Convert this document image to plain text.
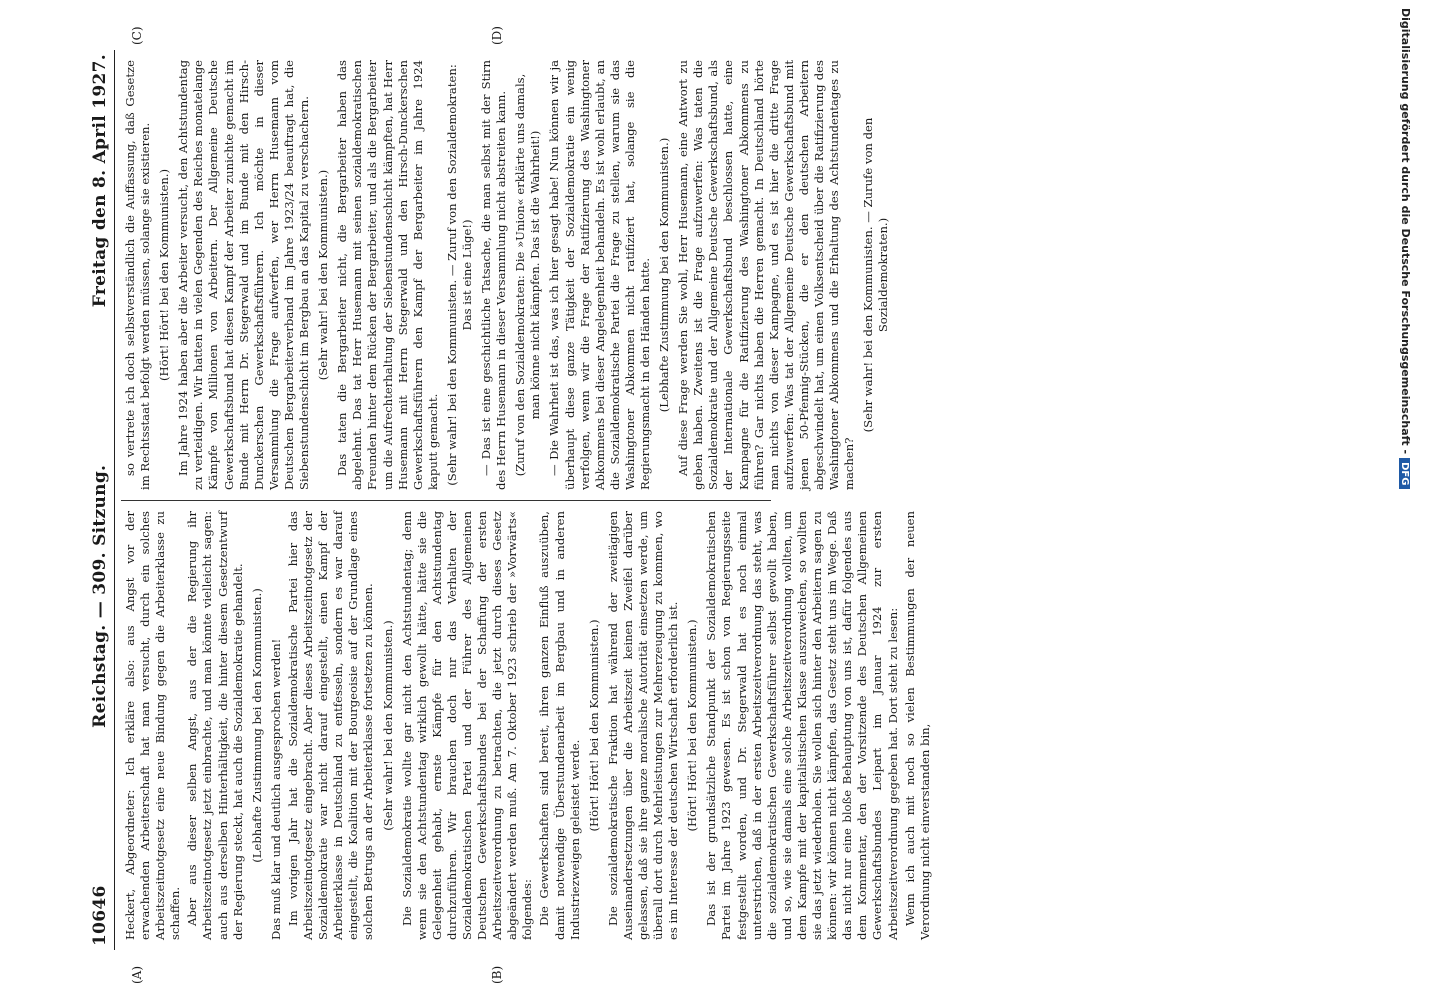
10646
Reichstag. — 309. Sitzung.
Freitag den 8. April 1927.

Heckert, Abgeordneter: Ich erkläre also: aus Angst vor der erwachenden Arbeiterschaft hat man versucht, durch ein solches Arbeitszeitnotgesetz eine neue Bindung gegen die Arbeiterklasse zu schaffen. Aber aus dieser selben Angst, aus der die Regierung ihr Arbeitszeitnotgesetz jetzt einbrachte, und man könnte vielleicht sagen: auch aus derselben Hinterhältigkeit, die hinter diesem Gesetzentwurf der Regierung steckt, hat auch die Sozialdemokratie gehandelt. (Lebhafte Zustimmung bei den Kommunisten.) Das muß klar und deutlich ausgesprochen werden! Im vorigen Jahr hat die Sozialdemokratische Partei hier das Arbeitszeitnotgesetz eingebracht. Aber dieses Arbeitszeitnotgesetz der Sozialdemokratie war nicht darauf eingestellt, einen Kampf der Arbeiterklasse in Deutschland zu entfesseln, sondern es war darauf eingestellt, die Koalition mit der Bourgeoisie auf der Grundlage eines solchen Betrugs an der Arbeiterklasse fortsetzen zu können. (Sehr wahr! bei den Kommunisten.) Die Sozialdemokratie wollte gar nicht den Achtstundentag; denn wenn sie den Achtstundentag wirklich gewollt hätte, hätte sie die Gelegenheit gehabt, ernste Kämpfe für den Achtstundentag durchzuführen. Wir brauchen doch nur das Verhalten der Sozialdemokratischen Partei und der Führer des Allgemeinen Deutschen Gewerkschaftsbundes bei der Schaffung der ersten Arbeitszeitverordnung zu betrachten, die jetzt durch dieses Gesetz abgeändert werden muß. Am 7. Oktober 1923 schrieb der »Vorwärts« folgendes: Die Gewerkschaften sind bereit, ihren ganzen Einfluß auszuüben, damit notwendige Überstundenarbeit im Bergbau und in anderen Industriezweigen geleistet werde.

(Hört! Hört! bei den Kommunisten.) Die sozialdemokratische Fraktion hat während der zweitägigen Auseinandersetzungen über die Arbeitszeit keinen Zweifel darüber gelassen, daß sie ihre ganze moralische Autorität einsetzen werde, um überall dort durch Mehrleistungen zur Mehrerzeugung zu kommen, wo es im Interesse der deutschen Wirtschaft erforderlich ist. (Hört! Hört! bei den Kommunisten.) Das ist der grundsätzliche Standpunkt der Sozialdemokratischen Partei im Jahre 1923 gewesen. Es ist schon von Regierungsseite festgestellt worden, und Dr. Stegerwald hat es noch einmal unterstrichen, daß in der ersten Arbeitszeitverordnung das steht, was die sozialdemokratischen Gewerkschaftsführer selbst gewollt haben, und so, wie sie damals eine solche Arbeitszeitverordnung wollten, um dem Kampfe mit der kapitalistischen Klasse auszuweichen, so wollten sie das jetzt wiederholen. Sie wollen sich hinter den Arbeitern sagen zu können: wir können nicht kämpfen, das Gesetz steht uns im Wege. Daß das nicht nur eine bloße Behauptung von uns ist, dafür folgendes aus dem Kommentar, den der Vorsitzende des Deutschen Allgemeinen Gewerkschaftsbundes Leipart im Januar 1924 zur ersten Arbeitszeitverordnung gegeben hat. Dort steht zu lesen: Wenn ich auch mit noch so vielen Bestimmungen der neuen Verordnung nicht einverstanden bin,

so vertrete ich doch selbstverständlich die Auffassung, daß Gesetze im Rechtsstaat befolgt werden müssen, solange sie existieren. (Hört! Hört! bei den Kommunisten.) Im Jahre 1924 haben aber die Arbeiter versucht, den Achtstundentag zu verteidigen. Wir hatten in vielen Gegenden des Reiches monatelange Kämpfe von Millionen von Arbeitern. Der Allgemeine Deutsche Gewerkschaftsbund hat diesen Kampf der Arbeiter zunichte gemacht im Bunde mit Herrn Dr. Stegerwald und im Bunde mit den Hirsch-Dunckerschen Gewerkschaftsführern. Ich möchte in dieser Versammlung die Frage aufwerfen, wer Herrn Husemann vom Deutschen Bergarbeiterverband im Jahre 1923/24 beauftragt hat, die Siebenstundenschicht im Bergbau an das Kapital zu verschachern. (Sehr wahr! bei den Kommunisten.) Das taten die Bergarbeiter nicht, die Bergarbeiter haben das abgelehnt. Das tat Herr Husemann mit seinen sozialdemokratischen Freunden hinter dem Rücken der Bergarbeiter, und als die Bergarbeiter um die Aufrechterhaltung der Siebenstundenschicht kämpften, hat Herr Husemann mit Herrn Stegerwald und den Hirsch-Dunckerschen Gewerkschaftsführern den Kampf der Bergarbeiter im Jahre 1924 kaputt gemacht. (Sehr wahr! bei den Kommunisten. — Zuruf von den Sozialdemokraten: Das ist eine Lüge!) — Das ist eine geschichtliche Tatsache, die man selbst mit der Stirn des Herrn Husemann in dieser Versammlung nicht abstreiten kann. (Zuruf von den Sozialdemokraten: Die »Union« erklärte uns damals, man könne nicht kämpfen. Das ist die Wahrheit!) — Die Wahrheit ist das, was ich hier gesagt habe! Nun können wir ja überhaupt diese ganze Tätigkeit der Sozialdemokratie ein wenig verfolgen, wenn wir die Frage der Ratifizierung des Washingtoner Abkommens bei dieser Angelegenheit behandeln. Es ist wohl erlaubt, an die Sozialdemokratische Partei die Frage zu stellen, warum sie das Washingtoner Abkommen nicht ratifiziert hat, solange sie die Regierungsmacht in den Händen hatte. (Lebhafte Zustimmung bei den Kommunisten.) Auf diese Frage werden Sie wohl, Herr Husemann, eine Antwort zu geben haben. Zweitens ist die Frage aufzuwerfen: Was taten die Sozialdemokratie und der Allgemeine Deutsche Gewerkschaftsbund, als der Internationale Gewerkschaftsbund beschlossen hatte, eine Kampagne für die Ratifizierung des Washingtoner Abkommens zu führen? Gar nichts haben die Herren gemacht. In Deutschland hörte man nichts von dieser Kampagne, und es ist hier die dritte Frage aufzuwerfen: Was tat der Allgemeine Deutsche Gewerkschaftsbund mit jenen 50-Pfennig-Stücken, die er den deutschen Arbeitern abgeschwindelt hat, um einen Volksentscheid über die Ratifizierung des Washingtoner Abkommens und die Erhaltung des Achtstundentages zu machen?

(Sehr wahr! bei den Kommunisten. — Zurufe von den Sozialdemokraten.)

(A)	(B)
(C)	(D)	Digitalisierung gefördert durch die Deutsche Forschungsgemeinschaft -DFG
